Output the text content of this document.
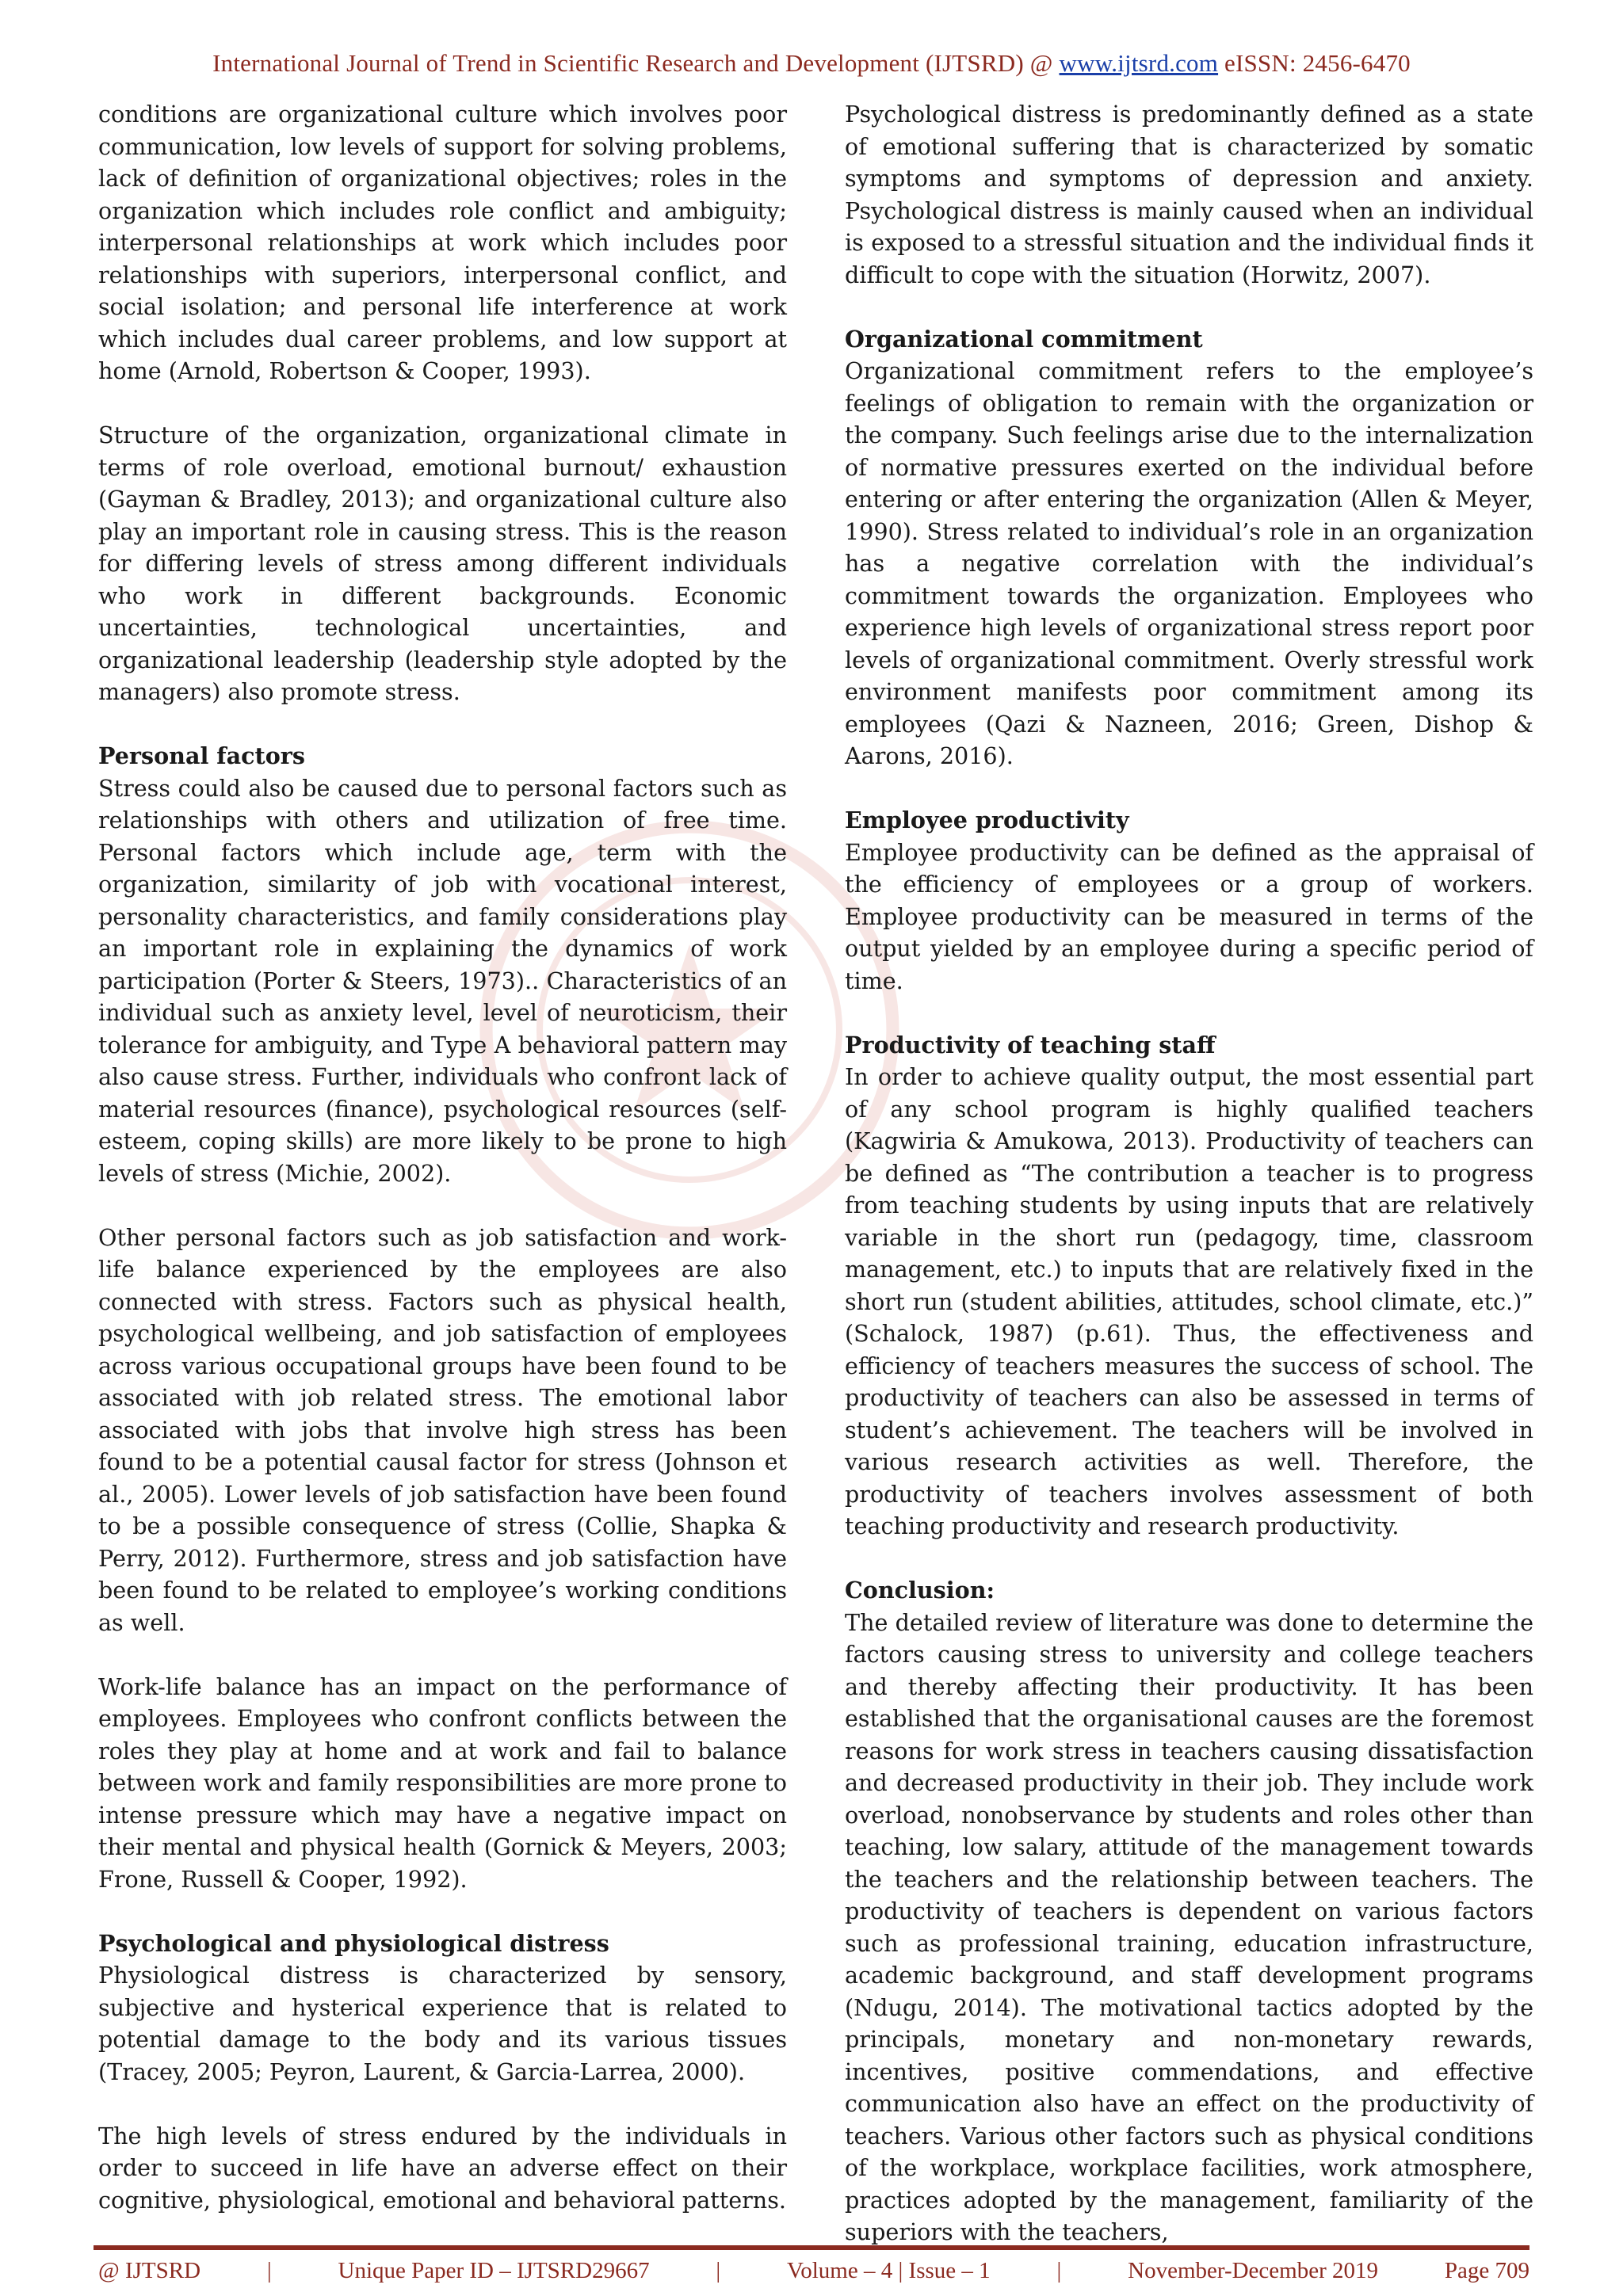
International Journal of Trend in Scientific Research and Development (IJTSRD) @ www.ijtsrd.com eISSN: 2456-6470

conditions are organizational culture which involves poor communication, low levels of support for solving problems, lack of definition of organizational objectives; roles in the organization which includes role conflict and ambiguity; interpersonal relationships at work which includes poor relationships with superiors, interpersonal conflict, and social isolation; and personal life interference at work which includes dual career problems, and low support at home (Arnold, Robertson & Cooper, 1993).

Structure of the organization, organizational climate in terms of role overload, emotional burnout/ exhaustion (Gayman & Bradley, 2013); and organizational culture also play an important role in causing stress. This is the reason for differing levels of stress among different individuals who work in different backgrounds. Economic uncertainties, technological uncertainties, and organizational leadership (leadership style adopted by the managers) also promote stress.

Personal factors

Stress could also be caused due to personal factors such as relationships with others and utilization of free time. Personal factors which include age, term with the organization, similarity of job with vocational interest, personality characteristics, and family considerations play an important role in explaining the dynamics of work participation (Porter & Steers, 1973).. Characteristics of an individual such as anxiety level, level of neuroticism, their tolerance for ambiguity, and Type A behavioral pattern may also cause stress. Further, individuals who confront lack of material resources (finance), psychological resources (self-esteem, coping skills) are more likely to be prone to high levels of stress (Michie, 2002).

Other personal factors such as job satisfaction and work-life balance experienced by the employees are also connected with stress. Factors such as physical health, psychological wellbeing, and job satisfaction of employees across various occupational groups have been found to be associated with job related stress. The emotional labor associated with jobs that involve high stress has been found to be a potential causal factor for stress (Johnson et al., 2005). Lower levels of job satisfaction have been found to be a possible consequence of stress (Collie, Shapka & Perry, 2012). Furthermore, stress and job satisfaction have been found to be related to employee’s working conditions as well.

Work-life balance has an impact on the performance of employees. Employees who confront conflicts between the roles they play at home and at work and fail to balance between work and family responsibilities are more prone to intense pressure which may have a negative impact on their mental and physical health (Gornick & Meyers, 2003; Frone, Russell & Cooper, 1992).

Psychological and physiological distress

Physiological distress is characterized by sensory, subjective and hysterical experience that is related to potential damage to the body and its various tissues (Tracey, 2005; Peyron, Laurent, & Garcia-Larrea, 2000).

The high levels of stress endured by the individuals in order to succeed in life have an adverse effect on their cognitive, physiological, emotional and behavioral patterns.

Psychological distress is predominantly defined as a state of emotional suffering that is characterized by somatic symptoms and symptoms of depression and anxiety. Psychological distress is mainly caused when an individual is exposed to a stressful situation and the individual finds it difficult to cope with the situation (Horwitz, 2007).

Organizational commitment

Organizational commitment refers to the employee’s feelings of obligation to remain with the organization or the company. Such feelings arise due to the internalization of normative pressures exerted on the individual before entering or after entering the organization (Allen & Meyer, 1990). Stress related to individual’s role in an organization has a negative correlation with the individual’s commitment towards the organization. Employees who experience high levels of organizational stress report poor levels of organizational commitment. Overly stressful work environment manifests poor commitment among its employees (Qazi & Nazneen, 2016; Green, Dishop & Aarons, 2016).

Employee productivity

Employee productivity can be defined as the appraisal of the efficiency of employees or a group of workers. Employee productivity can be measured in terms of the output yielded by an employee during a specific period of time.

Productivity of teaching staff

In order to achieve quality output, the most essential part of any school program is highly qualified teachers (Kagwiria & Amukowa, 2013). Productivity of teachers can be defined as “The contribution a teacher is to progress from teaching students by using inputs that are relatively variable in the short run (pedagogy, time, classroom management, etc.) to inputs that are relatively fixed in the short run (student abilities, attitudes, school climate, etc.)” (Schalock, 1987) (p.61). Thus, the effectiveness and efficiency of teachers measures the success of school. The productivity of teachers can also be assessed in terms of student’s achievement. The teachers will be involved in various research activities as well. Therefore, the productivity of teachers involves assessment of both teaching productivity and research productivity.

Conclusion:

The detailed review of literature was done to determine the factors causing stress to university and college teachers and thereby affecting their productivity. It has been established that the organisational causes are the foremost reasons for work stress in teachers causing dissatisfaction and decreased productivity in their job. They include work overload, nonobservance by students and roles other than teaching, low salary, attitude of the management towards the teachers and the relationship between teachers. The productivity of teachers is dependent on various factors such as professional training, education infrastructure, academic background, and staff development programs (Ndugu, 2014). The motivational tactics adopted by the principals, monetary and non-monetary rewards, incentives, positive commendations, and effective communication also have an effect on the productivity of teachers. Various other factors such as physical conditions of the workplace, workplace facilities, work atmosphere, practices adopted by the management, familiarity of the superiors with the teachers,

@ IJTSRD	|	Unique Paper ID – IJTSRD29667	|	Volume – 4 | Issue – 1	|	November-December 2019	Page 709
